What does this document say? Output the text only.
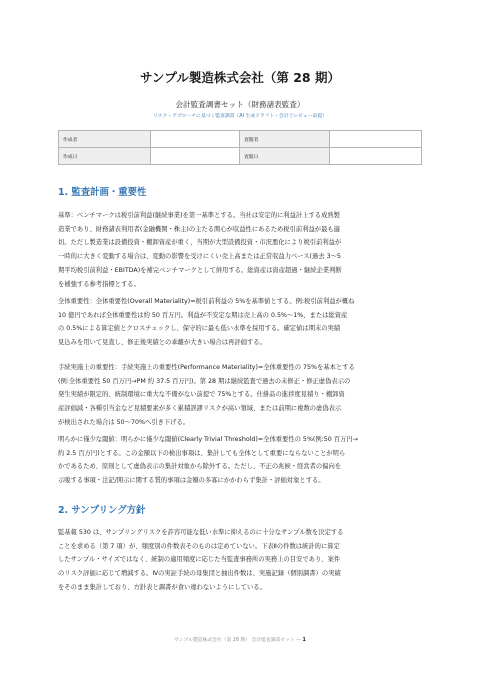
サンプル製造株式会社（第 28 期）
会計監査調書セット（財務諸表監査）
リスク・アプローチに基づく監査調書（AI 生成ドラフト・会計士レビュー前提）
作成者		査閲者	
作成日		査閲日	
1. 監査計画・重要性
基準：ベンチマークは税引前利益(継続事業)を第一基準とする。当社は安定的に利益計上する成熟製
造業であり、財務諸表利用者(金融機関・株主)の主たる関心が収益性にあるため税引前利益が最も適
切。ただし製造業は設備投資・棚卸資産が重く、当期が大型設備投資・市況悪化により税引前利益が
一時的に大きく変動する場合は、変動の影響を受けにくい売上高または正常収益力ベース(過去 3〜5
期平均税引前利益・EBITDA)を補完ベンチマークとして併用する。総資産は資産超過・継続企業判断
を補強する参考指標とする。
全体重要性：全体重要性(Overall Materiality)=税引前利益の 5%を基準値とする。例:税引前利益が概ね
10 億円であれば全体重要性は約 50 百万円。利益が不安定な期は売上高の 0.5%〜1%、または総資産
の 0.5%による算定値とクロスチェックし、保守的に最も低い水準を採用する。確定値は期末の実績
見込みを用いて見直し、修正後実績との乖離が大きい場合は再評価する。
手続実施上の重要性：手続実施上の重要性(Performance Materiality)=全体重要性の 75%を基本とする
(例:全体重要性 50 百万円→PM 約 37.5 百万円)。第 28 期は継続監査で過去の未修正・修正虚偽表示の
発生実績が限定的、統制環境に重大な不備がない前提で 75%とする。仕掛品の進捗度見積り・棚卸資
産評価減・各種引当金など見積要素が多く累積誤謬リスクが高い領域、または前期に複数の虚偽表示
が検出された場合は 50〜70%へ引き下げる。
明らかに僅少な閾値：明らかに僅少な閾値(Clearly Trivial Threshold)=全体重要性の 5%(例:50 百万円→
約 2.5 百万円)とする。この金額以下の検出事項は、集計しても全体として重要にならないことが明ら
かであるため、原則として虚偽表示の集計対象から除外する。ただし、不正の兆候・経営者の偏向を
示唆する事項・注記/開示に関する質的事項は金額の多寡にかかわらず集計・評価対象とする。
2. サンプリング方針
監基報 530 は、サンプリングリスクを許容可能な低い水準に抑えるのに十分なサンプル数を決定する
ことを求める（第 7 項）が、頻度別の件数表そのものは定めていない。下表Ⅱの件数は統計的に算定
したサンプル・サイズではなく、統制の適用頻度に応じた当監査事務所の実務上の目安であり、案件
のリスク評価に応じて増減する。Ⅳの実証手続の母集団と抽出件数は、実施記録（個別調書）の実績
をそのまま集計しており、方針表と調書が食い違わないようにしている。
サンプル製造株式会社（第 28 期） 会計監査調書セット — 1
